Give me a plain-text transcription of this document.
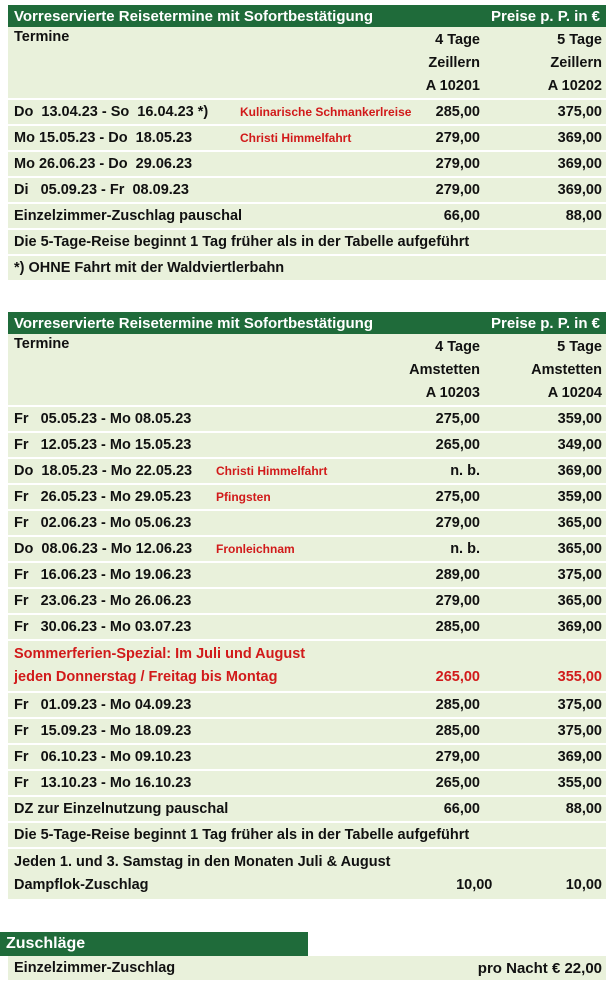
Vorreservierte Reisetermine mit Sofortbestätigung	Preise p. P. in €
Termine	4 Tage
Zeillern
A 10201
5 Tage
Zeillern
A 10202
Do  13.04.23 - So  16.04.23 *)	Kulinarische Schmankerlreise	285,00	375,00
Mo 15.05.23 - Do  18.05.23	Christi Himmelfahrt	279,00	369,00
Mo 26.06.23 - Do  29.06.23	279,00	369,00
Di   05.09.23 - Fr  08.09.23	279,00	369,00
Einzelzimmer-Zuschlag pauschal	66,00	88,00
Die 5-Tage-Reise beginnt 1 Tag früher als in der Tabelle aufgeführt
*) OHNE Fahrt mit der Waldviertlerbahn
Vorreservierte Reisetermine mit Sofortbestätigung	Preise p. P. in €
Termine	4 Tage
Amstetten
A 10203
5 Tage
Amstetten
A 10204
Fr   05.05.23 - Mo 08.05.23	275,00	359,00
Fr   12.05.23 - Mo 15.05.23	265,00	349,00
Do  18.05.23 - Mo 22.05.23 Christi Himmelfahrt	n. b.	369,00
Fr   26.05.23 - Mo 29.05.23 Pfingsten	275,00	359,00
Fr   02.06.23 - Mo 05.06.23	279,00	365,00
Do  08.06.23 - Mo 12.06.23 Fronleichnam	n. b.	365,00
Fr   16.06.23 - Mo 19.06.23	289,00	375,00
Fr   23.06.23 - Mo 26.06.23	279,00	365,00
Fr   30.06.23 - Mo 03.07.23	285,00	369,00
Sommerferien-Spezial: Im Juli und August
jeden Donnerstag / Freitag bis Montag	265,00	355,00
Fr   01.09.23 - Mo 04.09.23	285,00	375,00
Fr   15.09.23 - Mo 18.09.23	285,00	375,00
Fr   06.10.23 - Mo 09.10.23	279,00	369,00
Fr   13.10.23 - Mo 16.10.23	265,00	355,00
DZ zur Einzelnutzung pauschal	66,00	88,00
Die 5-Tage-Reise beginnt 1 Tag früher als in der Tabelle aufgeführt
Jeden 1. und 3. Samstag in den Monaten Juli & August
Dampflok-Zuschlag	10,00	10,00
Zuschläge
Einzelzimmer-Zuschlag	pro Nacht € 22,00
